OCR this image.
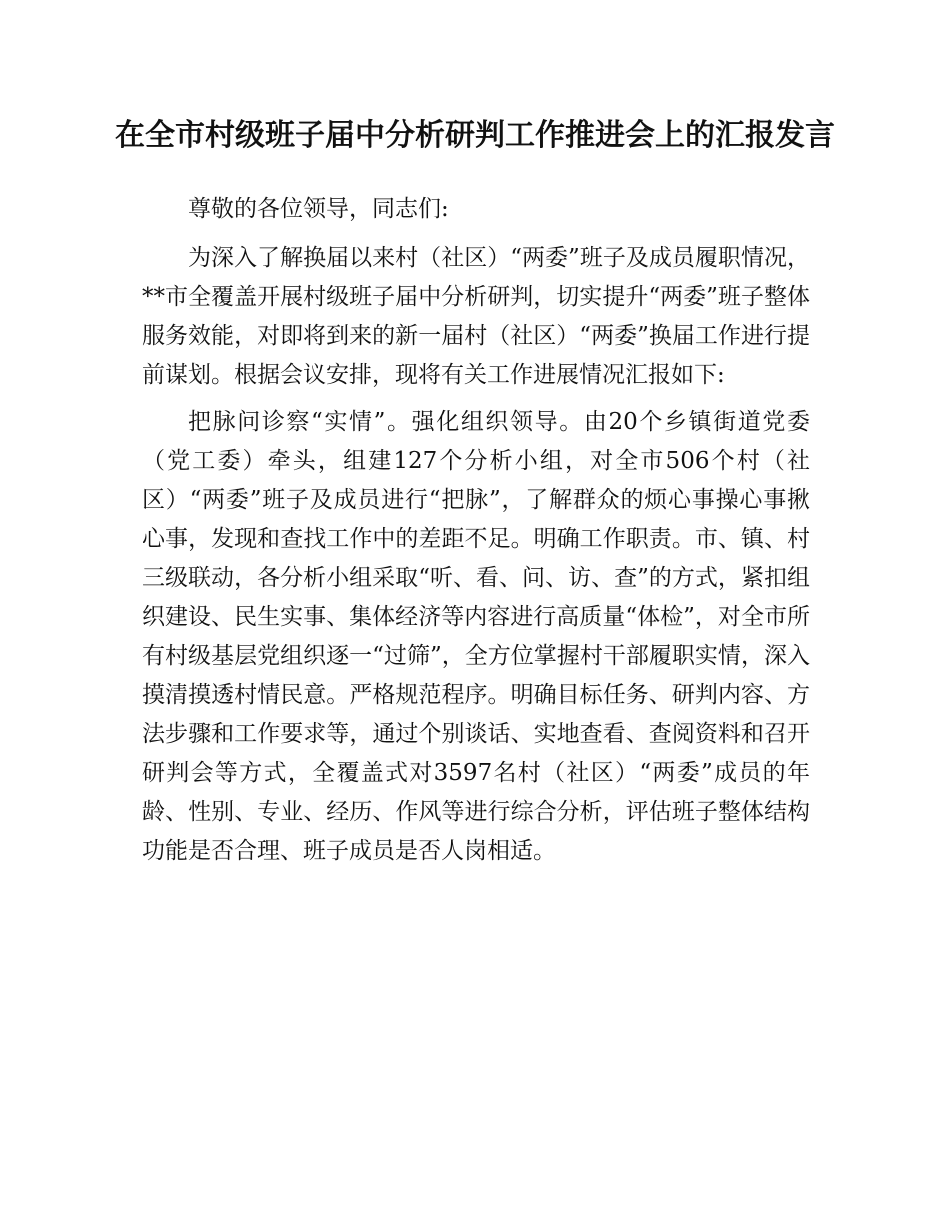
在全市村级班子届中分析研判工作推进会上的汇报发言

尊敬的各位领导，同志们:

为深入了解换届以来村（社区）“两委”班子及成员履职情况，**市全覆盖开展村级班子届中分析研判，切实提升“两委”班子整体服务效能，对即将到来的新一届村（社区）“两委”换届工作进行提前谋划。根据会议安排，现将有关工作进展情况汇报如下:

把脉问诊察“实情”。强化组织领导。由20个乡镇街道党委（党工委）牵头，组建127个分析小组，对全市506个村（社区）“两委”班子及成员进行“把脉”，了解群众的烦心事操心事揪心事，发现和查找工作中的差距不足。明确工作职责。市、镇、村三级联动，各分析小组采取“听、看、问、访、查”的方式，紧扣组织建设、民生实事、集体经济等内容进行高质量“体检”，对全市所有村级基层党组织逐一“过筛”，全方位掌握村干部履职实情，深入摸清摸透村情民意。严格规范程序。明确目标任务、研判内容、方法步骤和工作要求等，通过个别谈话、实地查看、查阅资料和召开研判会等方式，全覆盖式对3597名村（社区）“两委”成员的年龄、性别、专业、经历、作风等进行综合分析，评估班子整体结构功能是否合理、班子成员是否人岗相适。
